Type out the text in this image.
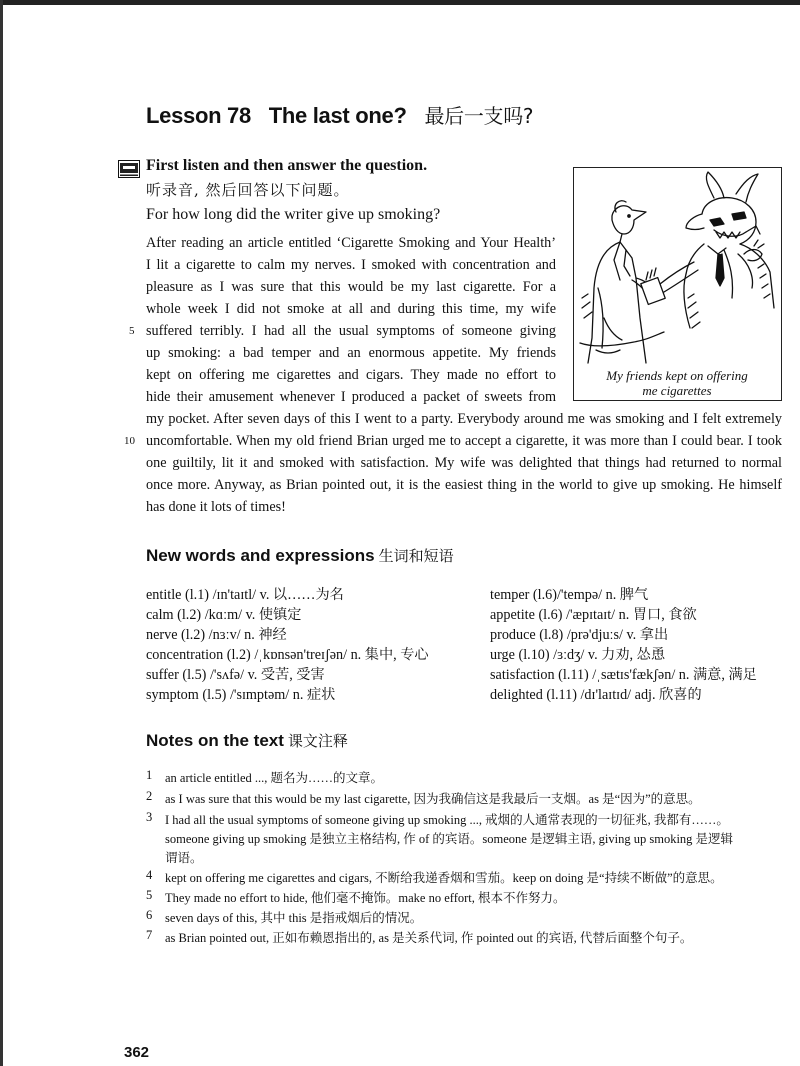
Lesson 78 The last one? 最后一支吗?
First listen and then answer the question.
听录音, 然后回答以下问题。
For how long did the writer give up smoking?
After reading an article entitled ‘Cigarette Smoking and Your Health’
I lit a cigarette to calm my nerves. I smoked with concentration and
pleasure as I was sure that this would be my last cigarette. For a
whole week I did not smoke at all and during this time, my wife
5 suffered terribly. I had all the usual symptoms of someone giving
up smoking: a bad temper and an enormous appetite. My friends
kept on offering me cigarettes and cigars. They made no effort to
hide their amusement whenever I produced a packet of sweets from
my pocket. After seven days of this I went to a party. Everybody around me was smoking and I felt extremely
10 uncomfortable. When my old friend Brian urged me to accept a cigarette, it was more than I could bear. I took
one guiltily, lit it and smoked with satisfaction. My wife was delighted that things had returned to normal
once more. Anyway, as Brian pointed out, it is the easiest thing in the world to give up smoking. He himself
has done it lots of times!
My friends kept on offering
me cigarettes
New words and expressions 生词和短语
entitle (l.1) /ɪn'taɪtl/ v. 以……为名
calm (l.2) /kɑːm/ v. 使镇定
nerve (l.2) /nɜːv/ n. 神经
concentration (l.2) /ˌkɒnsən'treɪʃən/ n. 集中, 专心
suffer (l.5) /'sʌfə/ v. 受苦, 受害
symptom (l.5) /'sɪmptəm/ n. 症状
temper (l.6)/'tempə/ n. 脾气
appetite (l.6) /'æpɪtaɪt/ n. 胃口, 食欲
produce (l.8) /prə'djuːs/ v. 拿出
urge (l.10) /ɜːdʒ/ v. 力劝, 怂恿
satisfaction (l.11) /ˌsætɪs'fækʃən/ n. 满意, 满足
delighted (l.11) /dɪ'laɪtɪd/ adj. 欣喜的
Notes on the text 课文注释
1 an article entitled ..., 题名为……的文章。
2 as I was sure that this would be my last cigarette, 因为我确信这是我最后一支烟。as 是“因为”的意思。
3 I had all the usual symptoms of someone giving up smoking ..., 戒烟的人通常表现的一切征兆, 我都有……。
someone giving up smoking 是独立主格结构, 作 of 的宾语。someone 是逻辑主语, giving up smoking 是逻辑
谓语。
4 kept on offering me cigarettes and cigars, 不断给我递香烟和雪茄。keep on doing 是“持续不断做”的意思。
5 They made no effort to hide, 他们毫不掩饰。make no effort, 根本不作努力。
6 seven days of this, 其中 this 是指戒烟后的情况。
7 as Brian pointed out, 正如布赖恩指出的, as 是关系代词, 作 pointed out 的宾语, 代替后面整个句子。
362
